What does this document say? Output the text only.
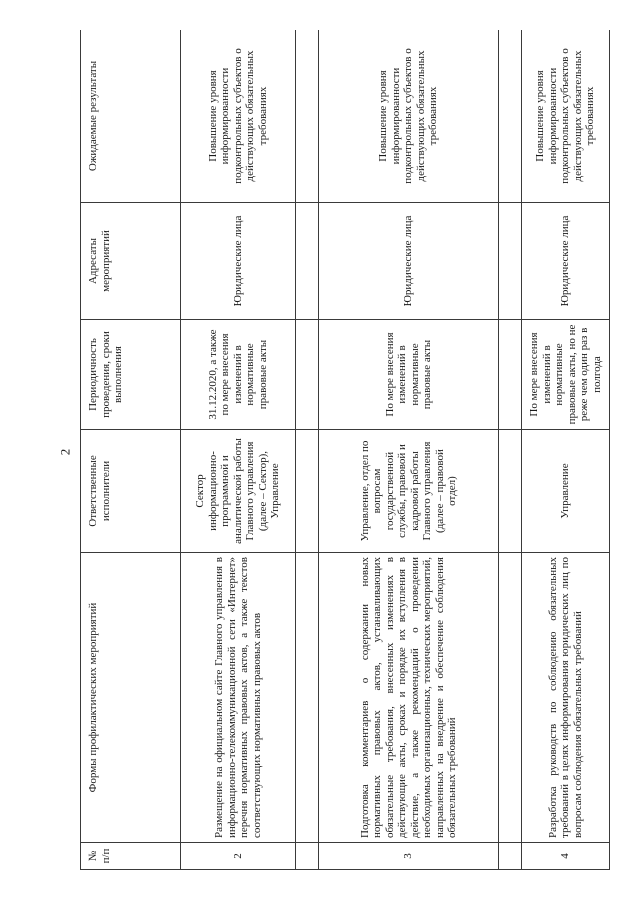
2
№ п/п	Формы профилактических мероприятий	Ответственные исполнители	Периодичность проведения, сроки выполнения	Адресаты мероприятий	Ожидаемые результаты
2	Размещение на официальном сайте Главного управления в информационно-телекоммуникационной сети «Интернет» перечня нормативных правовых актов, а также текстов соответствующих нормативных правовых актов	Сектор информационно-программной и аналитической работы Главного управления (далее – Сектор), Управление	31.12.2020, а также по мере внесения изменений в нормативные правовые акты	Юридические лица	Повышение уровня информированности подконтрольных субъектов о действующих обязательных требованиях

3	Подготовка комментариев о содержании новых нормативных правовых актов, устанавливающих обязательные требования, внесенных изменениях в действующие акты, сроках и порядке их вступления в действие, а также рекомендаций о проведении необходимых организационных, технических мероприятий, направленных на внедрение и обеспечение соблюдения обязательных требований	Управление, отдел по вопросам государственной службы, правовой и кадровой работы Главного управления (далее – правовой отдел)	По мере внесения изменений в нормативные правовые акты	Юридические лица	Повышение уровня информированности подконтрольных субъектов о действующих обязательных требованиях

4	Разработка руководств по соблюдению обязательных требований в целях информирования юридических лиц по вопросам соблюдения обязательных требований	Управление	По мере внесения изменений в нормативные правовые акты, но не реже чем один раз в полгода	Юридические лица	Повышение уровня информированности подконтрольных субъектов о действующих обязательных требованиях
